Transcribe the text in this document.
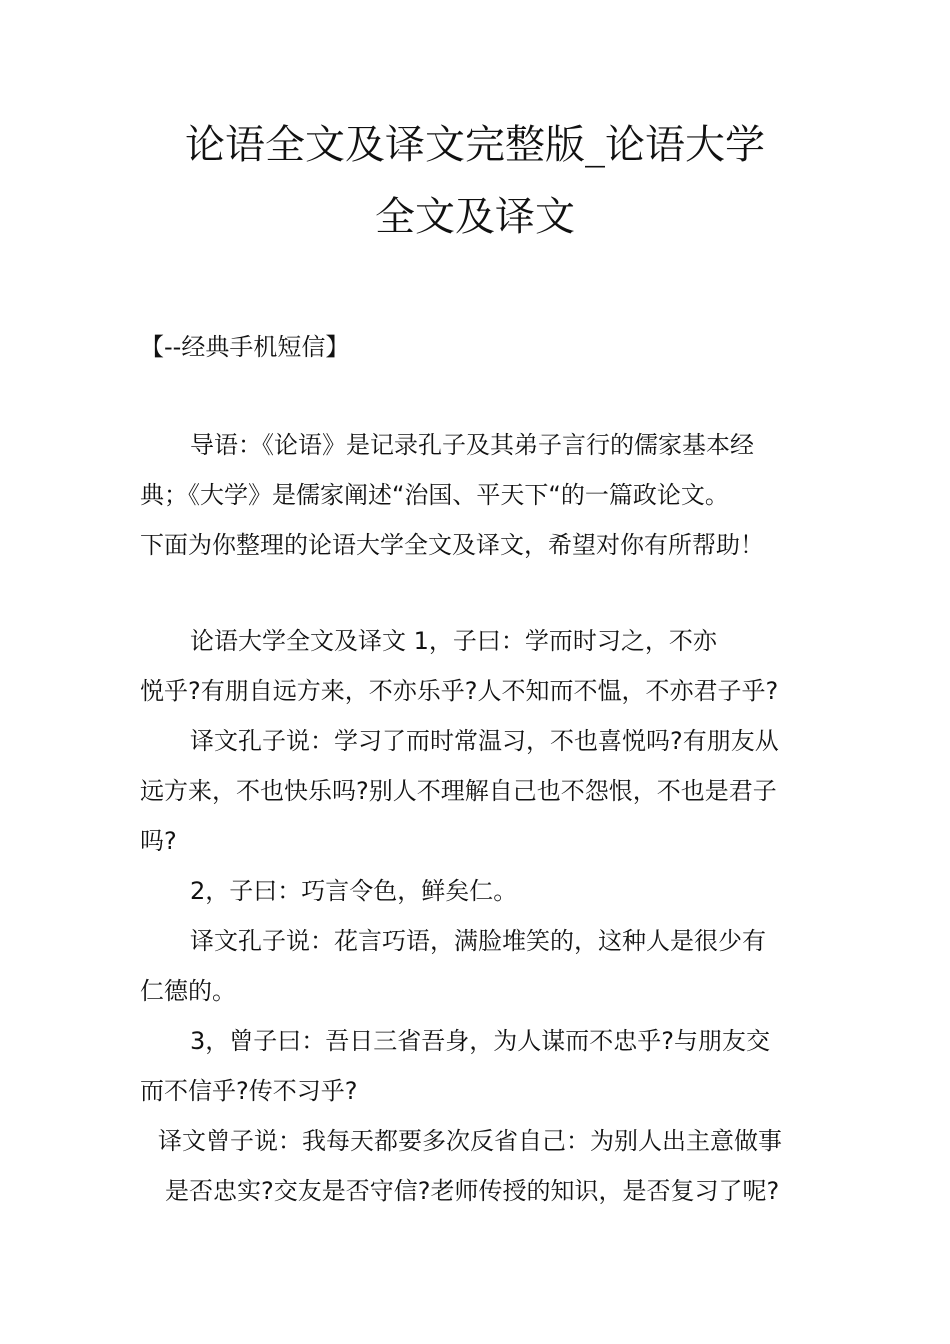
论语全文及译文完整版_论语大学
全文及译文
【--经典手机短信】
导语：《论语》是记录孔子及其弟子言行的儒家基本经
典；《大学》是儒家阐述“治国、平天下“的一篇政论文。
下面为你整理的论语大学全文及译文，希望对你有所帮助！
论语大学全文及译文 1，子曰：学而时习之，不亦
悦乎?有朋自远方来，不亦乐乎?人不知而不愠，不亦君子乎?
译文孔子说：学习了而时常温习，不也喜悦吗?有朋友从
远方来，不也快乐吗?别人不理解自己也不怨恨，不也是君子
吗?
2，子曰：巧言令色，鲜矣仁。
译文孔子说：花言巧语，满脸堆笑的，这种人是很少有
仁德的。
3，曾子曰：吾日三省吾身，为人谋而不忠乎?与朋友交
而不信乎?传不习乎?
译文曾子说：我每天都要多次反省自己：为别人出主意做事
是否忠实?交友是否守信?老师传授的知识，是否复习了呢?
